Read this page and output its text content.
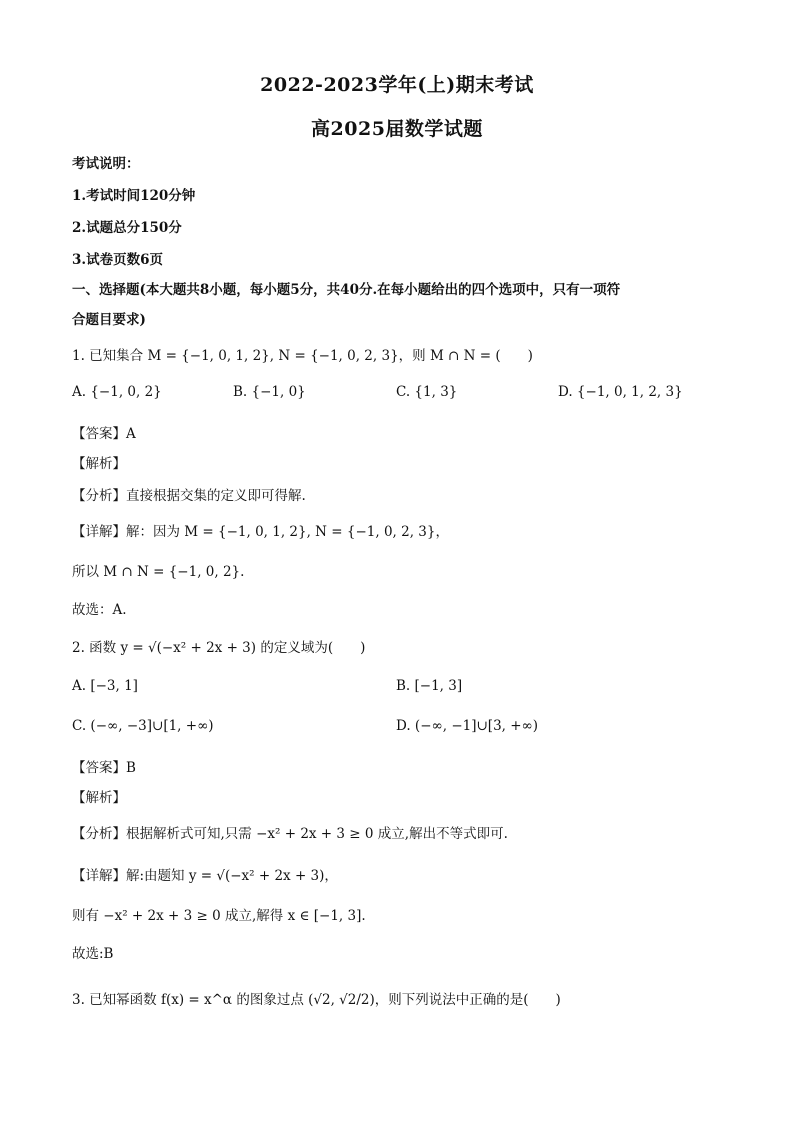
2022-2023学年(上)期末考试
高2025届数学试题
考试说明：
1.考试时间120分钟
2.试题总分150分
3.试卷页数6页
一、选择题(本大题共8小题，每小题5分，共40分.在每小题给出的四个选项中，只有一项符
合题目要求)
1. 已知集合 M = {−1, 0, 1, 2}, N = {−1, 0, 2, 3}，则 M ∩ N = (　　)
A. {−1, 0, 2}	B. {−1, 0}	C. {1, 3}	D. {−1, 0, 1, 2, 3}
【答案】A
【解析】
【分析】直接根据交集的定义即可得解.
【详解】解：因为 M = {−1, 0, 1, 2}, N = {−1, 0, 2, 3}，
所以 M ∩ N = {−1, 0, 2}.
故选：A.
2. 函数 y = √(−x² + 2x + 3) 的定义域为(　　)
A. [−3, 1]	B. [−1, 3]
C. (−∞, −3]∪[1, +∞)	D. (−∞, −1]∪[3, +∞)
【答案】B
【解析】
【分析】根据解析式可知,只需 −x² + 2x + 3 ≥ 0 成立,解出不等式即可.
【详解】解:由题知 y = √(−x² + 2x + 3)，
则有 −x² + 2x + 3 ≥ 0 成立,解得 x ∈ [−1, 3].
故选:B
3. 已知幂函数 f(x) = x^α 的图象过点 (√2, √2/2)，则下列说法中正确的是(　　)
